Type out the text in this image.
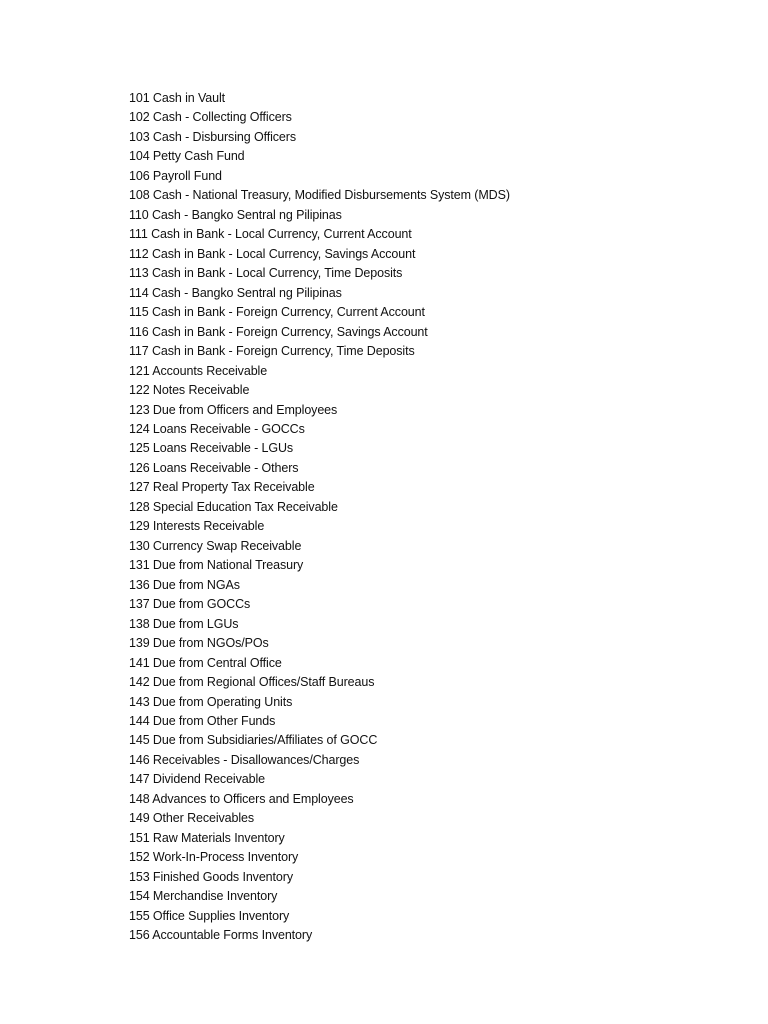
101 Cash in Vault
102 Cash - Collecting Officers
103 Cash - Disbursing Officers
104 Petty Cash Fund
106 Payroll Fund
108 Cash - National Treasury, Modified Disbursements System (MDS)
110 Cash - Bangko Sentral ng Pilipinas
111 Cash in Bank - Local Currency, Current Account
112 Cash in Bank - Local Currency, Savings Account
113 Cash in Bank - Local Currency, Time Deposits
114 Cash - Bangko Sentral ng Pilipinas
115 Cash in Bank - Foreign Currency, Current Account
116 Cash in Bank - Foreign Currency, Savings Account
117 Cash in Bank - Foreign Currency, Time Deposits
121 Accounts Receivable
122 Notes Receivable
123 Due from Officers and Employees
124 Loans Receivable - GOCCs
125 Loans Receivable - LGUs
126 Loans Receivable - Others
127 Real Property Tax Receivable
128 Special Education Tax Receivable
129 Interests Receivable
130 Currency Swap Receivable
131 Due from National Treasury
136 Due from NGAs
137 Due from GOCCs
138 Due from LGUs
139 Due from NGOs/POs
141 Due from Central Office
142 Due from Regional Offices/Staff Bureaus
143 Due from Operating Units
144 Due from Other Funds
145 Due from Subsidiaries/Affiliates of GOCC
146 Receivables - Disallowances/Charges
147 Dividend Receivable
148 Advances to Officers and Employees
149 Other Receivables
151 Raw Materials Inventory
152 Work-In-Process Inventory
153 Finished Goods Inventory
154 Merchandise Inventory
155 Office Supplies Inventory
156 Accountable Forms Inventory
